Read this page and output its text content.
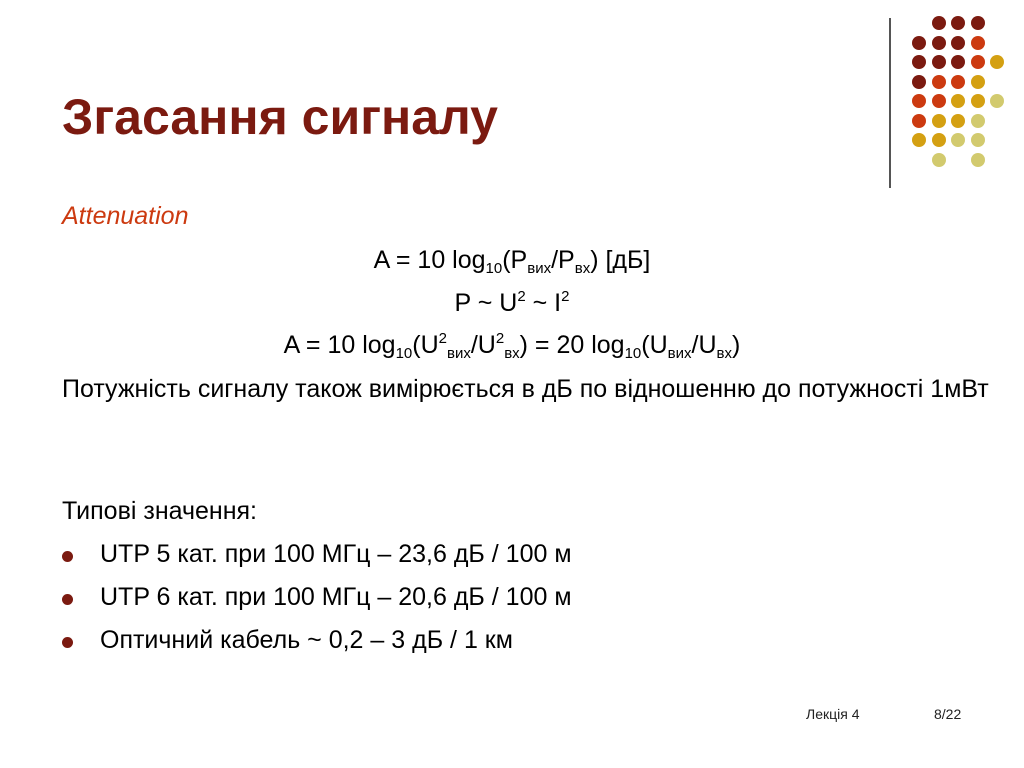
Згасання сигналу
Attenuation
A = 10 $\log_{10}(P_{вих}/P_{вх})$ [дБ]
P ~ $U^2$ ~ $I^2$
A = 10 $\log_{10}(U^2_{вих}/U^2_{вх}) = 20$ $\log_{10}(U_{вих}/U_{вх})$
Потужність сигналу також вимірюється в дБ по відношенню до потужності 1мВт
Типові значення:
UTP 5 кат. при 100 МГц – 23,6 дБ / 100 м
UTP 6 кат. при 100 МГц – 20,6 дБ / 100 м
Оптичний кабель ~ 0,2 – 3 дБ / 1 км
Лекція 4	8/22
